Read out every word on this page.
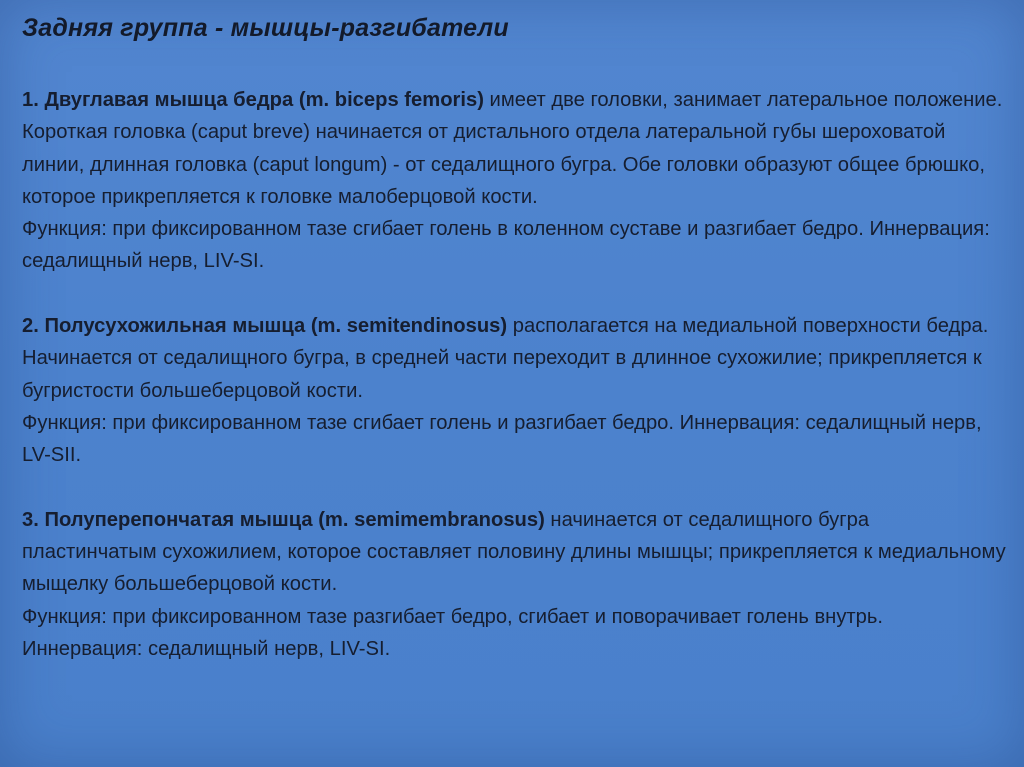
Задняя группа - мышцы-разгибатели

1. Двуглавая мышца бедра (m. biceps femoris) имеет две головки, занимает латеральное положение. Короткая головка (caput breve) начинается от дистального отдела латеральной губы шероховатой линии, длинная головка (caput longum) - от седалищного бугра. Обе головки образуют общее брюшко, которое прикрепляется к головке малоберцовой кости.

Функция: при фиксированном тазе сгибает голень в коленном суставе и разгибает бедро. Иннервация: седалищный нерв, LIV-SI.

2. Полусухожильная мышца (m. semitendinosus) располагается на медиальной поверхности бедра. Начинается от седалищного бугра, в средней части переходит в длинное сухожилие; прикрепляется к бугристости большеберцовой кости.

Функция: при фиксированном тазе сгибает голень и разгибает бедро. Иннервация: седалищный нерв, LV-SII.

3. Полуперепончатая мышца (m. semimembranosus) начинается от седалищного бугра пластинчатым сухожилием, которое составляет половину длины мышцы; прикрепляется к медиальному мыщелку большеберцовой кости.

Функция: при фиксированном тазе разгибает бедро, сгибает и поворачивает голень внутрь. Иннервация: седалищный нерв, LIV-SI.
